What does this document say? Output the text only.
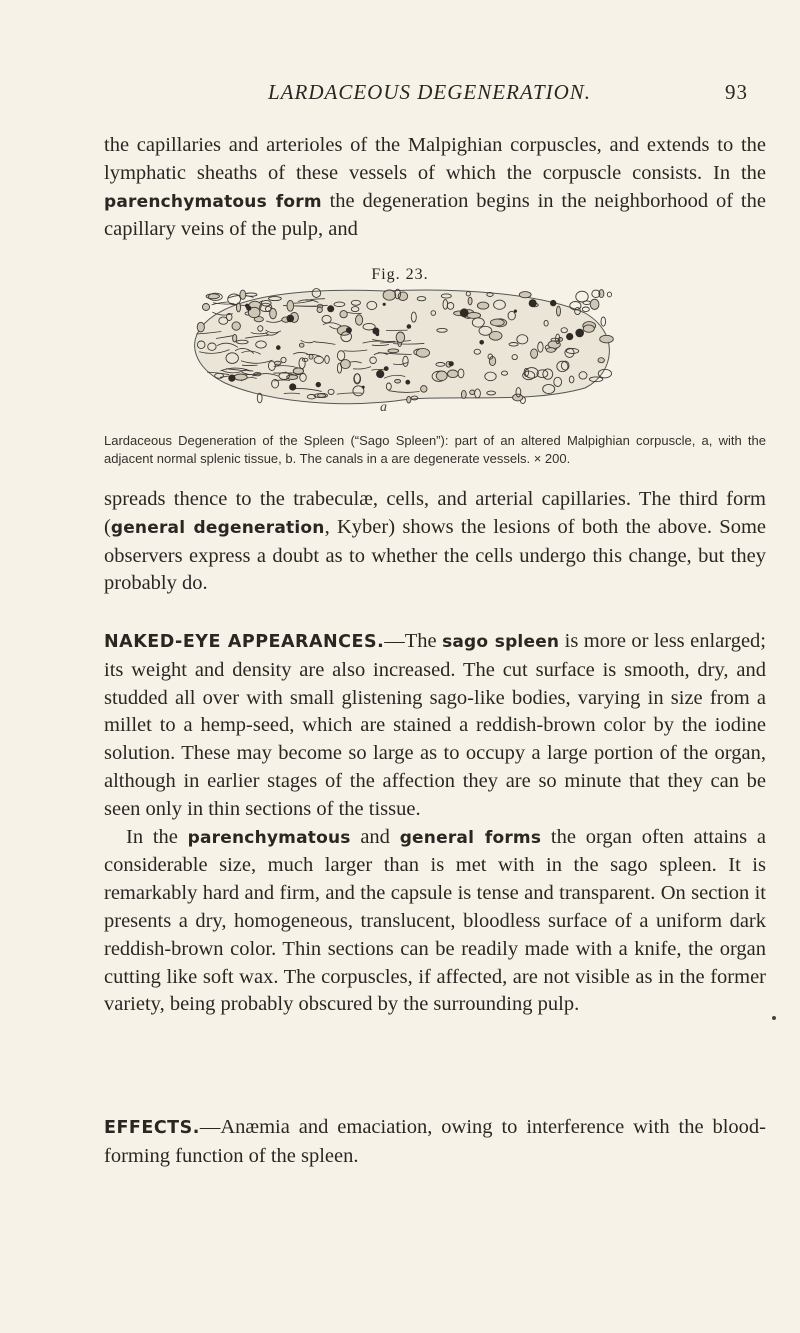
LARDACEOUS DEGENERATION.	93

the capillaries and arterioles of the Malpighian corpuscles, and extends to the lymphatic sheaths of these vessels of which the corpuscle consists. In the parenchymatous form the degeneration begins in the neighborhood of the capillary veins of the pulp, and

Fig. 23.
a
Lardaceous Degeneration of the Spleen (“Sago Spleen”): part of an altered Malpighian corpuscle, a, with the adjacent normal splenic tissue, b. The canals in a are degenerate vessels. × 200.

spreads thence to the trabeculæ, cells, and arterial capillaries. The third form (general degeneration, Kyber) shows the lesions of both the above. Some observers express a doubt as to whether the cells undergo this change, but they probably do.

NAKED-EYE APPEARANCES.—The sago spleen is more or less enlarged; its weight and density are also increased. The cut surface is smooth, dry, and studded all over with small glistening sago-like bodies, varying in size from a millet to a hemp-seed, which are stained a reddish-brown color by the iodine solution. These may become so large as to occupy a large portion of the organ, although in earlier stages of the affection they are so minute that they can be seen only in thin sections of the tissue.

In the parenchymatous and general forms the organ often attains a considerable size, much larger than is met with in the sago spleen. It is remarkably hard and firm, and the capsule is tense and transparent. On section it presents a dry, homogeneous, translucent, bloodless surface of a uniform dark reddish-brown color. Thin sections can be readily made with a knife, the organ cutting like soft wax. The corpuscles, if affected, are not visible as in the former variety, being probably obscured by the surrounding pulp.

EFFECTS.—Anæmia and emaciation, owing to interference with the blood-forming function of the spleen.
